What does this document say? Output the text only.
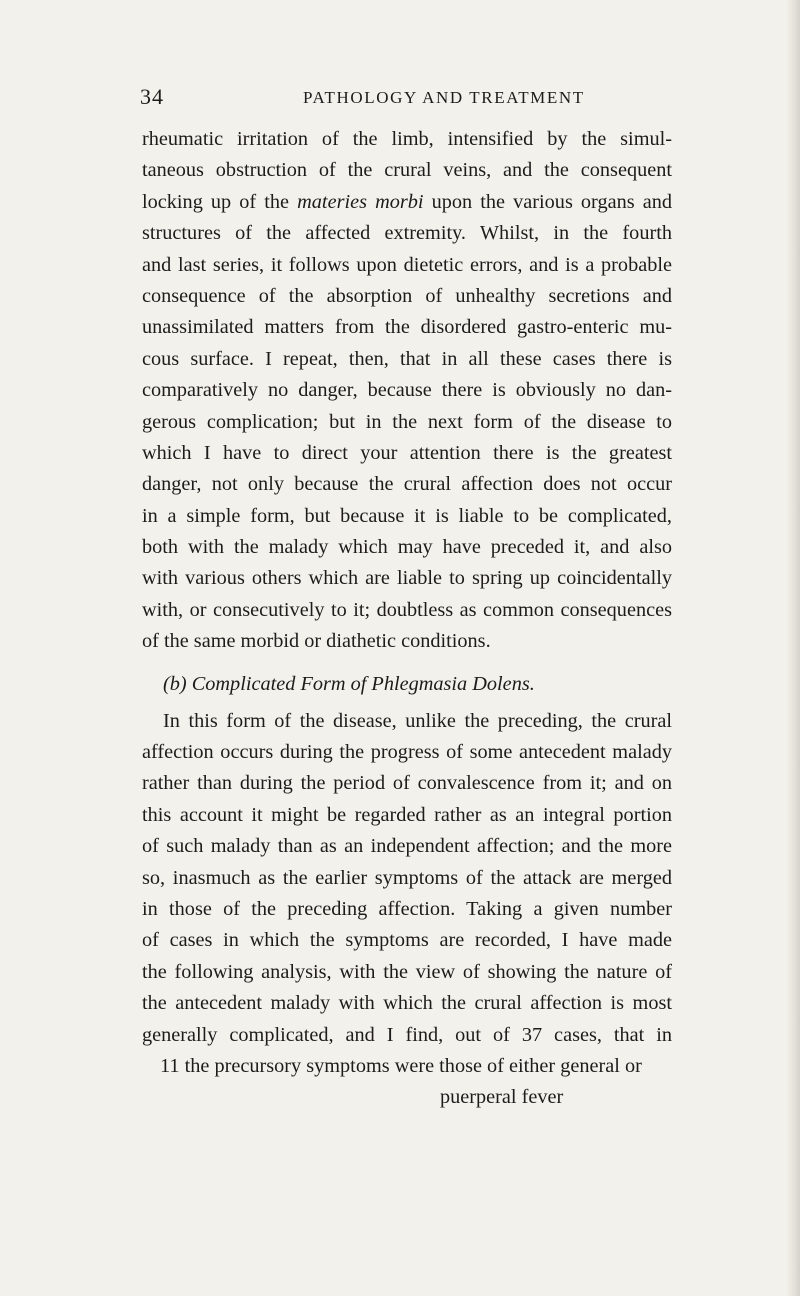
34	PATHOLOGY AND TREATMENT
rheumatic irritation of the limb, intensified by the simul-
taneous obstruction of the crural veins, and the consequent
locking up of the materies morbi upon the various organs and
structures of the affected extremity. Whilst, in the fourth
and last series, it follows upon dietetic errors, and is a probable
consequence of the absorption of unhealthy secretions and
unassimilated matters from the disordered gastro-enteric mu-
cous surface. I repeat, then, that in all these cases there is
comparatively no danger, because there is obviously no dan-
gerous complication; but in the next form of the disease to
which I have to direct your attention there is the greatest
danger, not only because the crural affection does not occur
in a simple form, but because it is liable to be complicated,
both with the malady which may have preceded it, and also
with various others which are liable to spring up coincidentally
with, or consecutively to it; doubtless as common consequences
of the same morbid or diathetic conditions.
(b) Complicated Form of Phlegmasia Dolens.
In this form of the disease, unlike the preceding, the crural
affection occurs during the progress of some antecedent malady
rather than during the period of convalescence from it; and on
this account it might be regarded rather as an integral portion
of such malady than as an independent affection; and the more
so, inasmuch as the earlier symptoms of the attack are merged
in those of the preceding affection. Taking a given number
of cases in which the symptoms are recorded, I have made
the following analysis, with the view of showing the nature of
the antecedent malady with which the crural affection is most
generally complicated, and I find, out of 37 cases, that in
11 the precursory symptoms were those of either general or
puerperal fever
